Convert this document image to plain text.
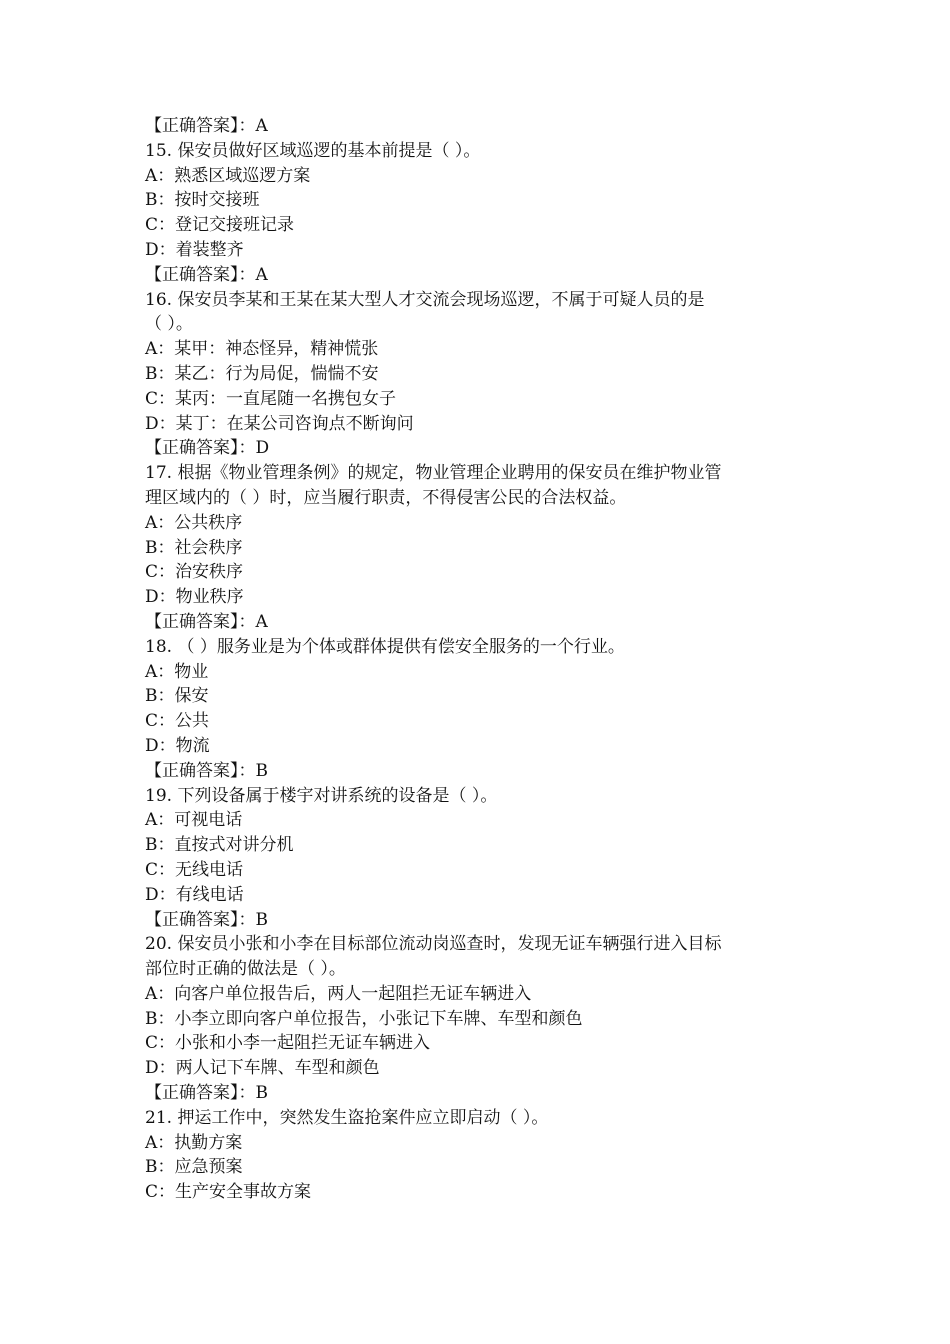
【正确答案】：A
15. 保安员做好区域巡逻的基本前提是（ ）。
A：熟悉区域巡逻方案
B：按时交接班
C：登记交接班记录
D：着装整齐
【正确答案】：A
16. 保安员李某和王某在某大型人才交流会现场巡逻，不属于可疑人员的是
（ ）。
A：某甲：神态怪异，精神慌张
B：某乙：行为局促，惴惴不安
C：某丙：一直尾随一名携包女子
D：某丁：在某公司咨询点不断询问
【正确答案】：D
17. 根据《物业管理条例》的规定，物业管理企业聘用的保安员在维护物业管
理区域内的（ ）时，应当履行职责，不得侵害公民的合法权益。
A：公共秩序
B：社会秩序
C：治安秩序
D：物业秩序
【正确答案】：A
18. （ ）服务业是为个体或群体提供有偿安全服务的一个行业。
A：物业
B：保安
C：公共
D：物流
【正确答案】：B
19. 下列设备属于楼宇对讲系统的设备是（ ）。
A：可视电话
B：直按式对讲分机
C：无线电话
D：有线电话
【正确答案】：B
20. 保安员小张和小李在目标部位流动岗巡查时，发现无证车辆强行进入目标
部位时正确的做法是（ ）。
A：向客户单位报告后，两人一起阻拦无证车辆进入
B：小李立即向客户单位报告，小张记下车牌、车型和颜色
C：小张和小李一起阻拦无证车辆进入
D：两人记下车牌、车型和颜色
【正确答案】：B
21. 押运工作中，突然发生盗抢案件应立即启动（ ）。
A：执勤方案
B：应急预案
C：生产安全事故方案
